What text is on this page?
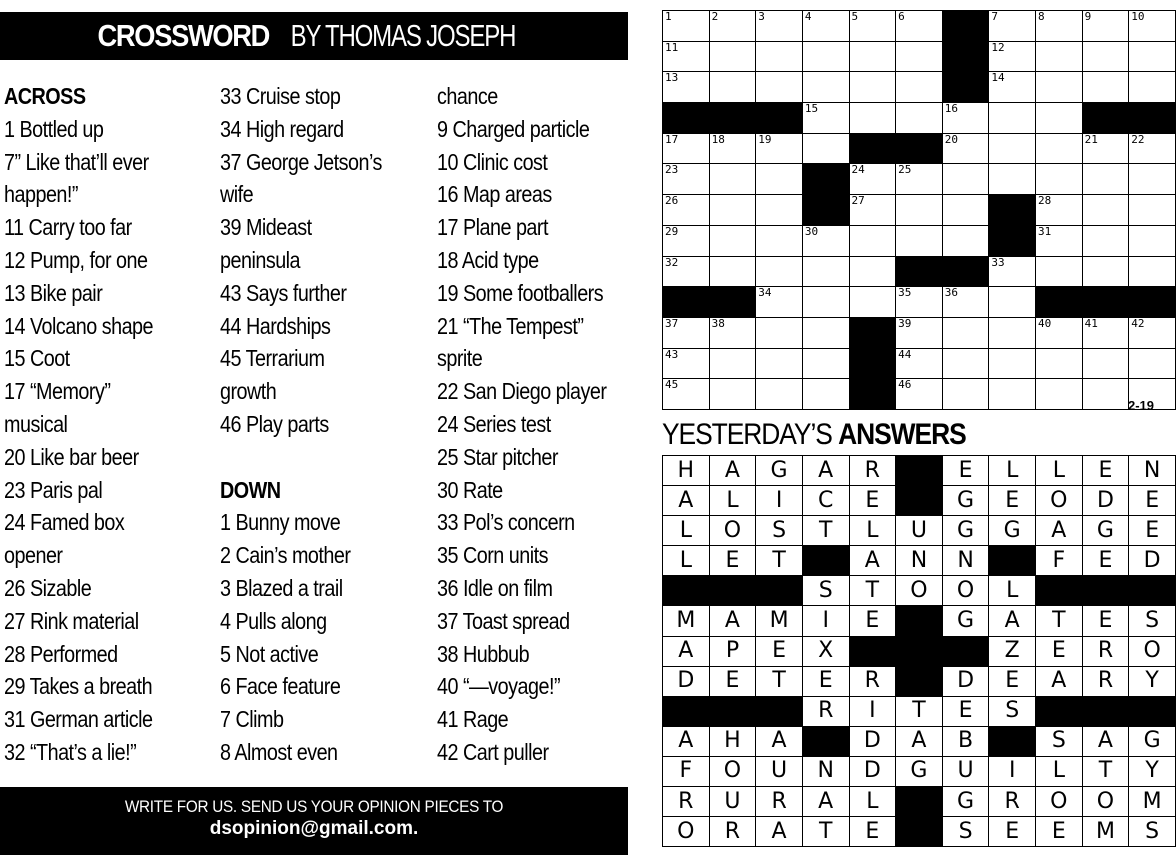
CROSSWORD BY THOMAS JOSEPH
ACROSS
1 Bottled up
7” Like that’ll ever
happen!”
11 Carry too far
12 Pump, for one
13 Bike pair
14 Volcano shape
15 Coot
17 “Memory”
musical
20 Like bar beer
23 Paris pal
24 Famed box
opener
26 Sizable
27 Rink material
28 Performed
29 Takes a breath
31 German article
32 “That’s a lie!”
33 Cruise stop
34 High regard
37 George Jetson’s
wife
39 Mideast
peninsula
43 Says further
44 Hardships
45 Terrarium
growth
46 Play parts
DOWN
1 Bunny move
2 Cain’s mother
3 Blazed a trail
4 Pulls along
5 Not active
6 Face feature
7 Climb
8 Almost even
chance
9 Charged particle
10 Clinic cost
16 Map areas
17 Plane part
18 Acid type
19 Some footballers
21 “The Tempest”
sprite
22 San Diego player
24 Series test
25 Star pitcher
30 Rate
33 Pol’s concern
35 Corn units
36 Idle on film
37 Toast spread
38 Hubbub
40 “—voyage!”
41 Rage
42 Cart puller
WRITE FOR US. SEND US YOUR OPINION PIECES TO
dsopinion@gmail.com.
1	2	3	4	5	6		7	8	9	10

11							12			

13							14			

			15			16				

17	18	19				20			21	22

23				24	25					

26				27				28		

29			30					31		

32							33			

		34			35	36				

37	38				39			40	41	42

43					44					

45					46					

2-19
YESTERDAY’S ANSWERS
H	A	G	A	R		E	L	L	E	N
A	L	I	C	E		G	E	O	D	E
L	O	S	T	L	U	G	G	A	G	E
L	E	T		A	N	N		F	E	D
			S	T	O	O	L			
M	A	M	I	E		G	A	T	E	S
A	P	E	X				Z	E	R	O
D	E	T	E	R		D	E	A	R	Y
			R	I	T	E	S			
A	H	A		D	A	B		S	A	G
F	O	U	N	D	G	U	I	L	T	Y
R	U	R	A	L		G	R	O	O	M
O	R	A	T	E		S	E	E	M	S
